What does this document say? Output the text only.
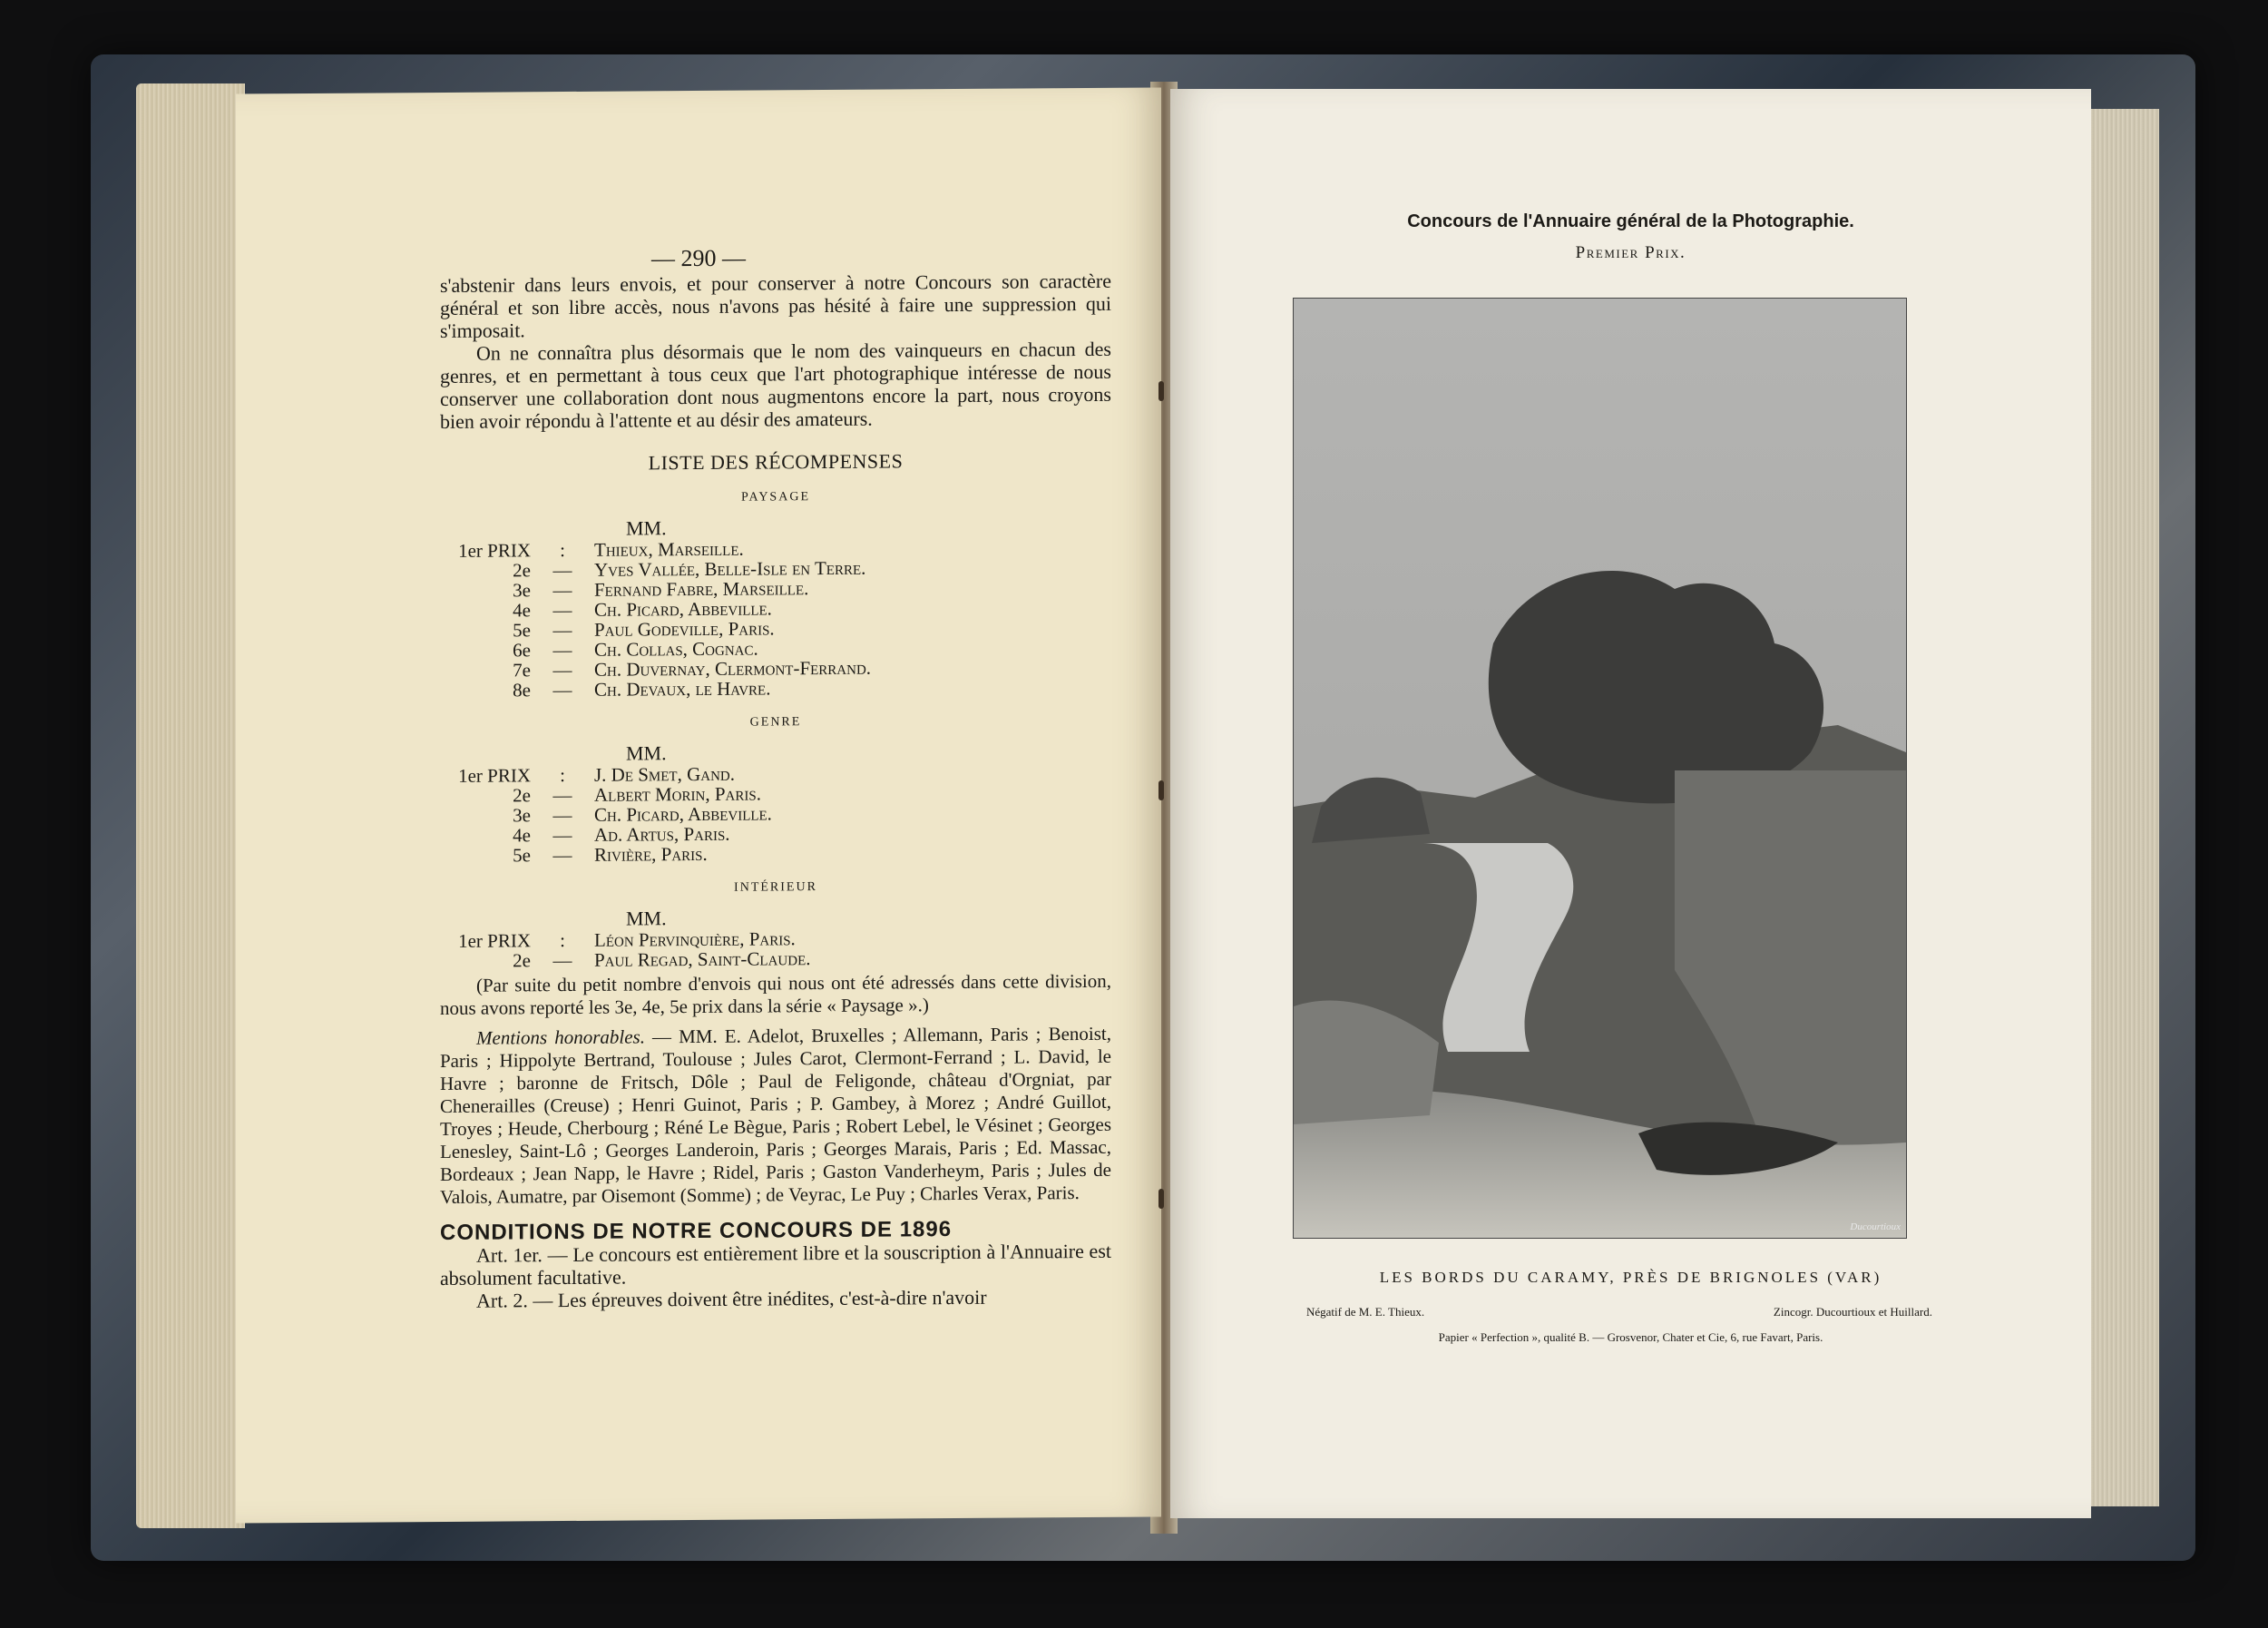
— 290 —

s'abstenir dans leurs envois, et pour conserver à notre Concours son caractère général et son libre accès, nous n'avons pas hésité à faire une suppression qui s'imposait.

On ne connaîtra plus désormais que le nom des vainqueurs en chacun des genres, et en permettant à tous ceux que l'art photographique intéresse de nous conserver une collaboration dont nous augmentons encore la part, nous croyons bien avoir répondu à l'attente et au désir des amateurs.

LISTE DES RÉCOMPENSES

PAYSAGE

MM.

1er PRIX	:	Thieux, Marseille.
2e	—	Yves Vallée, Belle-Isle en Terre.
3e	—	Fernand Fabre, Marseille.
4e	—	Ch. Picard, Abbeville.
5e	—	Paul Godeville, Paris.
6e	—	Ch. Collas, Cognac.
7e	—	Ch. Duvernay, Clermont-Ferrand.
8e	—	Ch. Devaux, le Havre.

GENRE

MM.

1er PRIX	:	J. De Smet, Gand.
2e	—	Albert Morin, Paris.
3e	—	Ch. Picard, Abbeville.
4e	—	Ad. Artus, Paris.
5e	—	Rivière, Paris.

INTÉRIEUR

MM.

1er PRIX	:	Léon Pervinquière, Paris.
2e	—	Paul Regad, Saint-Claude.

(Par suite du petit nombre d'envois qui nous ont été adressés dans cette division, nous avons reporté les 3e, 4e, 5e prix dans la série « Paysage ».)

Mentions honorables. — MM. E. Adelot, Bruxelles ; Allemann, Paris ; Benoist, Paris ; Hippolyte Bertrand, Toulouse ; Jules Carot, Clermont-Ferrand ; L. David, le Havre ; baronne de Fritsch, Dôle ; Paul de Feligonde, château d'Orgniat, par Chenerailles (Creuse) ; Henri Guinot, Paris ; P. Gambey, à Morez ; André Guillot, Troyes ; Heude, Cherbourg ; Réné Le Bègue, Paris ; Robert Lebel, le Vésinet ; Georges Lenesley, Saint-Lô ; Georges Landeroin, Paris ; Georges Marais, Paris ; Ed. Massac, Bordeaux ; Jean Napp, le Havre ; Ridel, Paris ; Gaston Vanderheym, Paris ; Jules de Valois, Aumatre, par Oisemont (Somme) ; de Veyrac, Le Puy ; Charles Verax, Paris.

CONDITIONS DE NOTRE CONCOURS DE 1896

Art. 1er. — Le concours est entièrement libre et la souscription à l'Annuaire est absolument facultative.

Art. 2. — Les épreuves doivent être inédites, c'est-à-dire n'avoir

Concours de l'Annuaire général de la Photographie.
Premier Prix.
Ducourtioux
LES BORDS DU CARAMY, PRÈS DE BRIGNOLES (VAR)
Négatif de M. E. Thieux.	Zincogr. Ducourtioux et Huillard.
Papier « Perfection », qualité B. — Grosvenor, Chater et Cie, 6, rue Favart, Paris.
